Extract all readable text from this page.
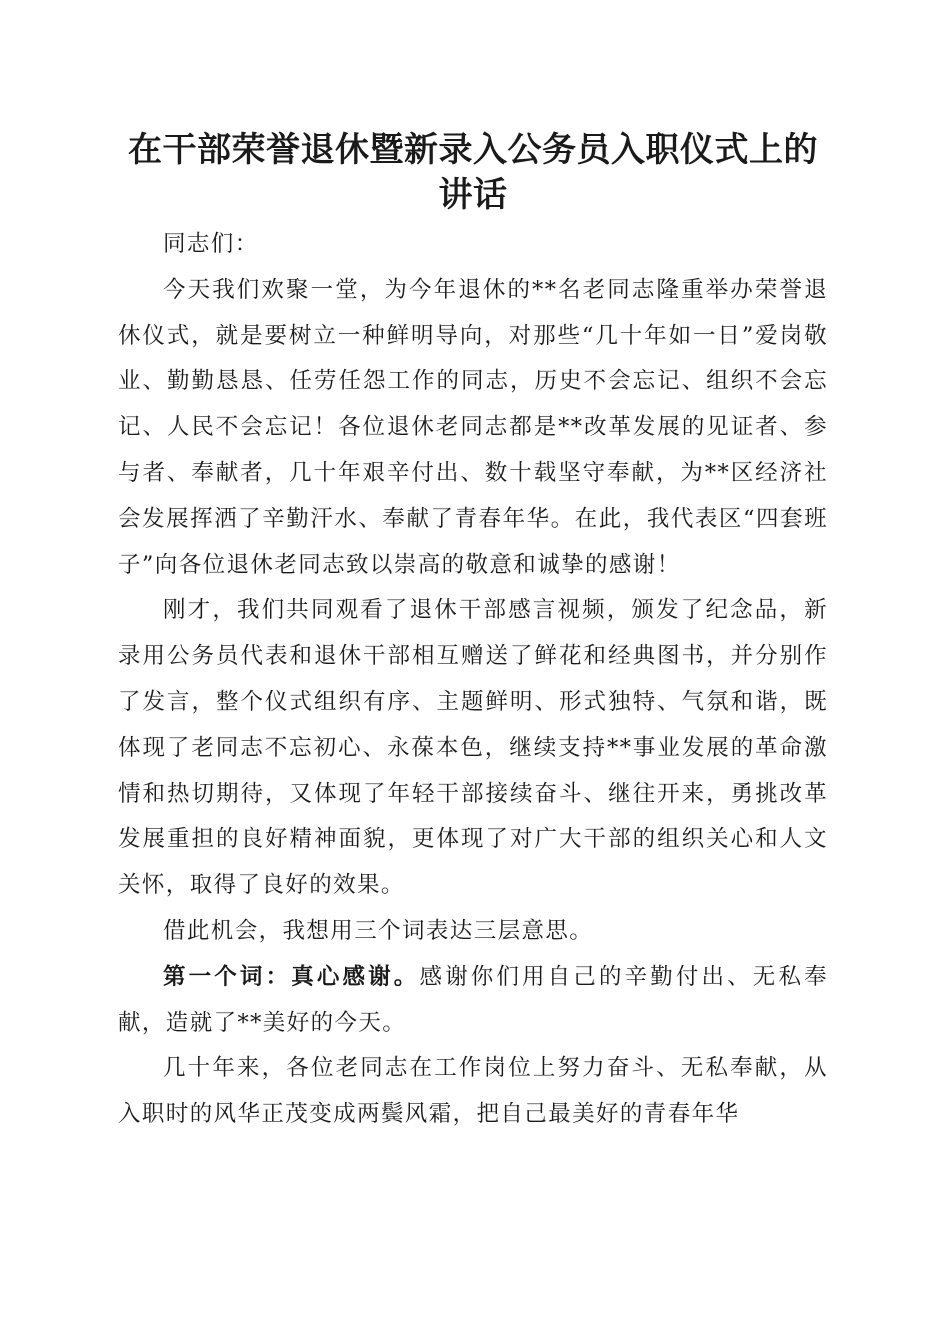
在干部荣誉退休暨新录入公务员入职仪式上的讲话

同志们：

今天我们欢聚一堂，为今年退休的**名老同志隆重举办荣誉退休仪式，就是要树立一种鲜明导向，对那些“几十年如一日”爱岗敬业、勤勤恳恳、任劳任怨工作的同志，历史不会忘记、组织不会忘记、人民不会忘记！各位退休老同志都是**改革发展的见证者、参与者、奉献者，几十年艰辛付出、数十载坚守奉献，为**区经济社会发展挥洒了辛勤汗水、奉献了青春年华。在此，我代表区“四套班子”向各位退休老同志致以崇高的敬意和诚挚的感谢！

刚才，我们共同观看了退休干部感言视频，颁发了纪念品，新录用公务员代表和退休干部相互赠送了鲜花和经典图书，并分别作了发言，整个仪式组织有序、主题鲜明、形式独特、气氛和谐，既体现了老同志不忘初心、永葆本色，继续支持**事业发展的革命激情和热切期待，又体现了年轻干部接续奋斗、继往开来，勇挑改革发展重担的良好精神面貌，更体现了对广大干部的组织关心和人文关怀，取得了良好的效果。

借此机会，我想用三个词表达三层意思。

第一个词：真心感谢。感谢你们用自己的辛勤付出、无私奉献，造就了**美好的今天。

几十年来，各位老同志在工作岗位上努力奋斗、无私奉献，从入职时的风华正茂变成两鬓风霜，把自己最美好的青春年华
